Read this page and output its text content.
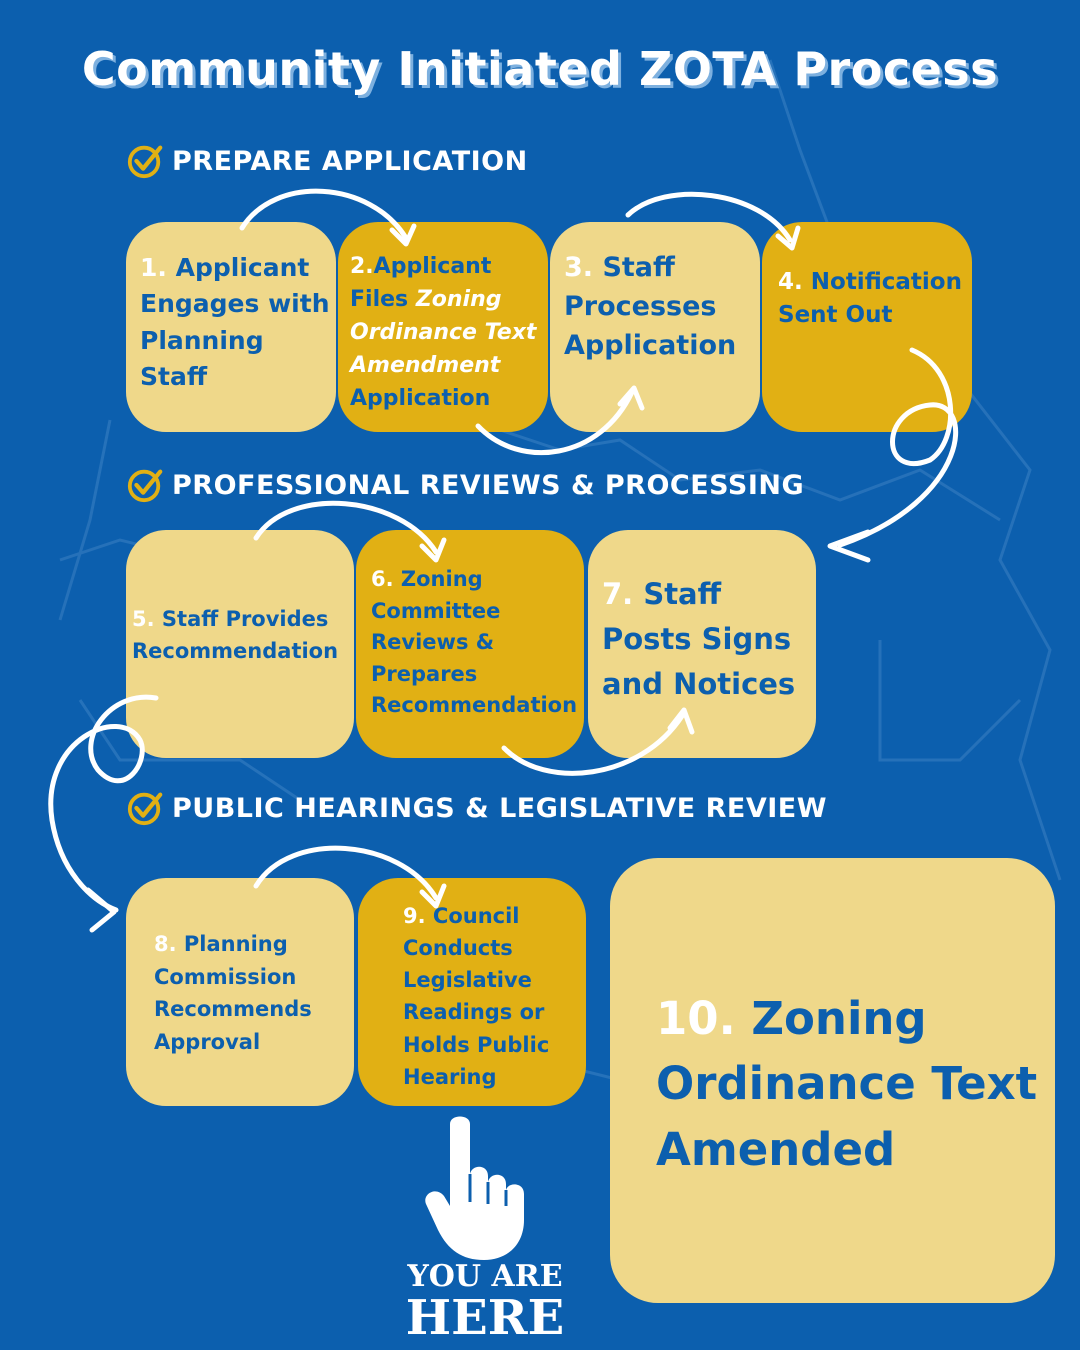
Community Initiated ZOTA Process
PREPARE APPLICATION
PROFESSIONAL REVIEWS & PROCESSING
PUBLIC HEARINGS & LEGISLATIVE REVIEW
1. Applicant Engages with Planning Staff
2.Applicant Files Zoning Ordinance Text Amendment Application
3. Staff Processes Application
4. Notification Sent Out
5. Staff Provides Recommendation
6. Zoning Committee Reviews & Prepares Recommendation
7. Staff Posts Signs and Notices
8. Planning Commission Recommends Approval
9. Council Conducts Legislative Readings or Holds Public Hearing
10. Zoning Ordinance Text Amended
YOU ARE
HERE
